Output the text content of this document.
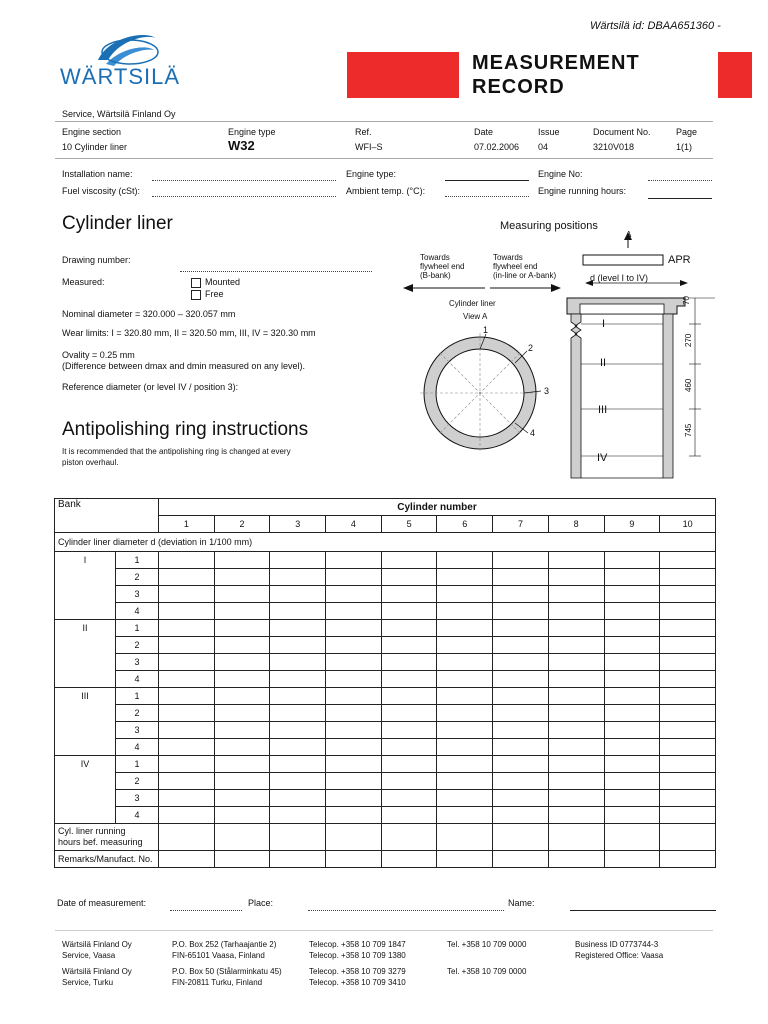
Wärtsilä id: DBAA651360 -
WÄRTSILÄ
MEASUREMENT
RECORD
Service, Wärtsilä Finland Oy
Engine section	Engine type	Ref.	Date	Issue	Document No.	Page
10 Cylinder liner	W32	WFI–S	07.02.2006 04	3210V018	1(1)
Installation name:
Fuel viscosity (cSt):
Engine type:
Ambient temp. (°C):
Engine No:
Engine running hours:
Cylinder liner
Drawing number:
Measured:	Mounted
Free
Nominal diameter = 320.000 – 320.057 mm
Wear limits: I = 320.80 mm, II = 320.50 mm, III, IV = 320.30 mm
Ovality = 0.25 mm
(Difference between dmax and dmin measured on any level).
Reference diameter (or level IV / position 3):
Antipolishing ring instructions
It is recommended that the antipolishing ring is changed at every
piston overhaul.
Measuring positions
Towards
flywheel end
(B-bank)
Towards
flywheel end
(in-line or A-bank)
Cylinder liner
View A
A
APR
d (level I to IV)
1
2
3
4
I
II
III
IV
70
270
460
745
Bank		Cylinder number									
		1	2	3	4	5	6	7	8	9	10
Cylinder liner diameter d (deviation in 1/100 mm)											
I	1										
	2										
	3										
	4										
II	1										
	2										
	3										
	4										
III	1										
	2										
	3										
	4										
IV	1										
	2										
	3										
	4										

Cyl. liner running
hours bef. measuring											

Remarks/Manufact. No.											
Date of measurement:	Place:	Name:
Wärtsilä Finland Oy
Service, Vaasa
P.O. Box 252 (Tarhaajantie 2)
FIN-65101 Vaasa, Finland
Telecop. +358 10 709 1847
Telecop. +358 10 709 1380
Tel. +358 10 709 0000	Business ID 0773744-3
Registered Office: Vaasa
Wärtsilä Finland Oy
Service, Turku
P.O. Box 50 (Stålarminkatu 45)
FIN-20811 Turku, Finland
Telecop. +358 10 709 3279
Telecop. +358 10 709 3410
Tel. +358 10 709 0000
